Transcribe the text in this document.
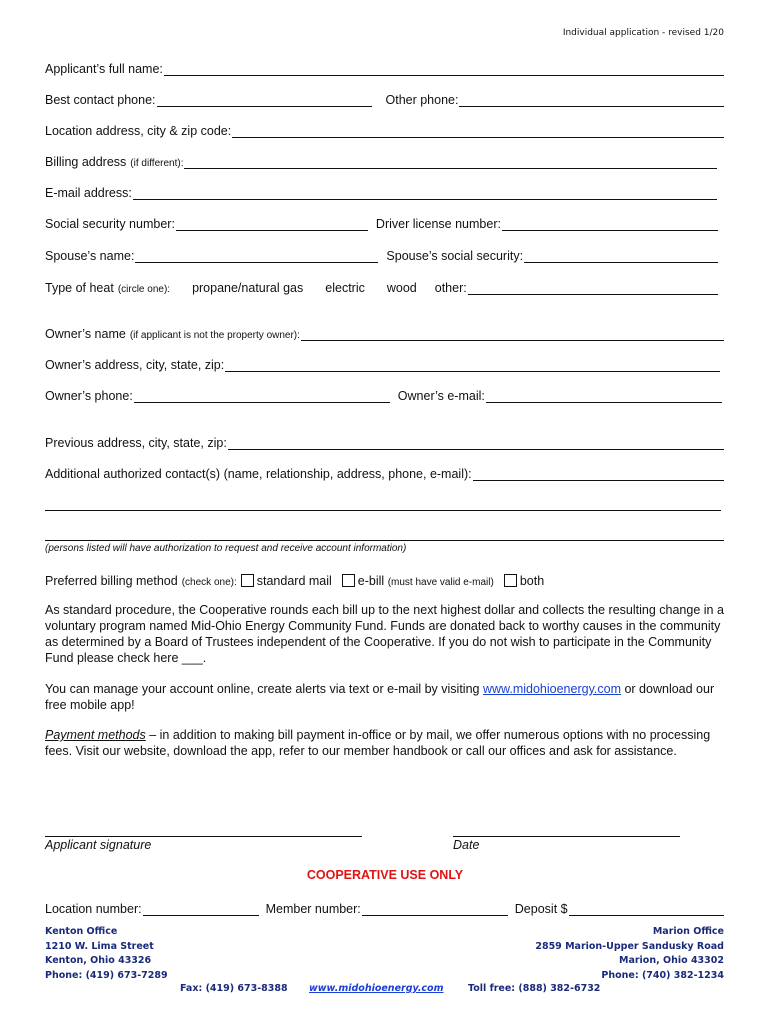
Individual application - revised 1/20
Applicant’s full name:
Best contact phone:	Other phone:
Location address, city & zip code:
Billing address (if different):
E-mail address:
Social security number:	Driver license number:
Spouse’s name:	Spouse’s social security:
Type of heat (circle one): propane/natural gas electric wood other:
Owner’s name (if applicant is not the property owner):
Owner’s address, city, state, zip:
Owner’s phone:	Owner’s e-mail:
Previous address, city, state, zip:
Additional authorized contact(s) (name, relationship, address, phone, e-mail):
(persons listed will have authorization to request and receive account information)
Preferred billing method (check one):	standard mail	e-bill (must have valid e-mail)	both
As standard procedure, the Cooperative rounds each bill up to the next highest dollar and collects the resulting change in a voluntary program named Mid-Ohio Energy Community Fund. Funds are donated back to worthy causes in the community as determined by a Board of Trustees independent of the Cooperative. If you do not wish to participate in the Community Fund please check here ___.
You can manage your account online, create alerts via text or e-mail by visiting www.midohioenergy.com or download our free mobile app!
Payment methods – in addition to making bill payment in-office or by mail, we offer numerous options with no processing fees. Visit our website, download the app, refer to our member handbook or call our offices and ask for assistance.
Applicant signature	Date
COOPERATIVE USE ONLY
Location number:	Member number:	Deposit $
Kenton Office
1210 W. Lima Street
Kenton, Ohio 43326
Phone: (419) 673-7289
Marion Office
2859 Marion-Upper Sandusky Road
Marion, Ohio 43302
Phone: (740) 382-1234
Fax: (419) 673-8388 www.midohioenergy.com	Toll free: (888) 382-6732
